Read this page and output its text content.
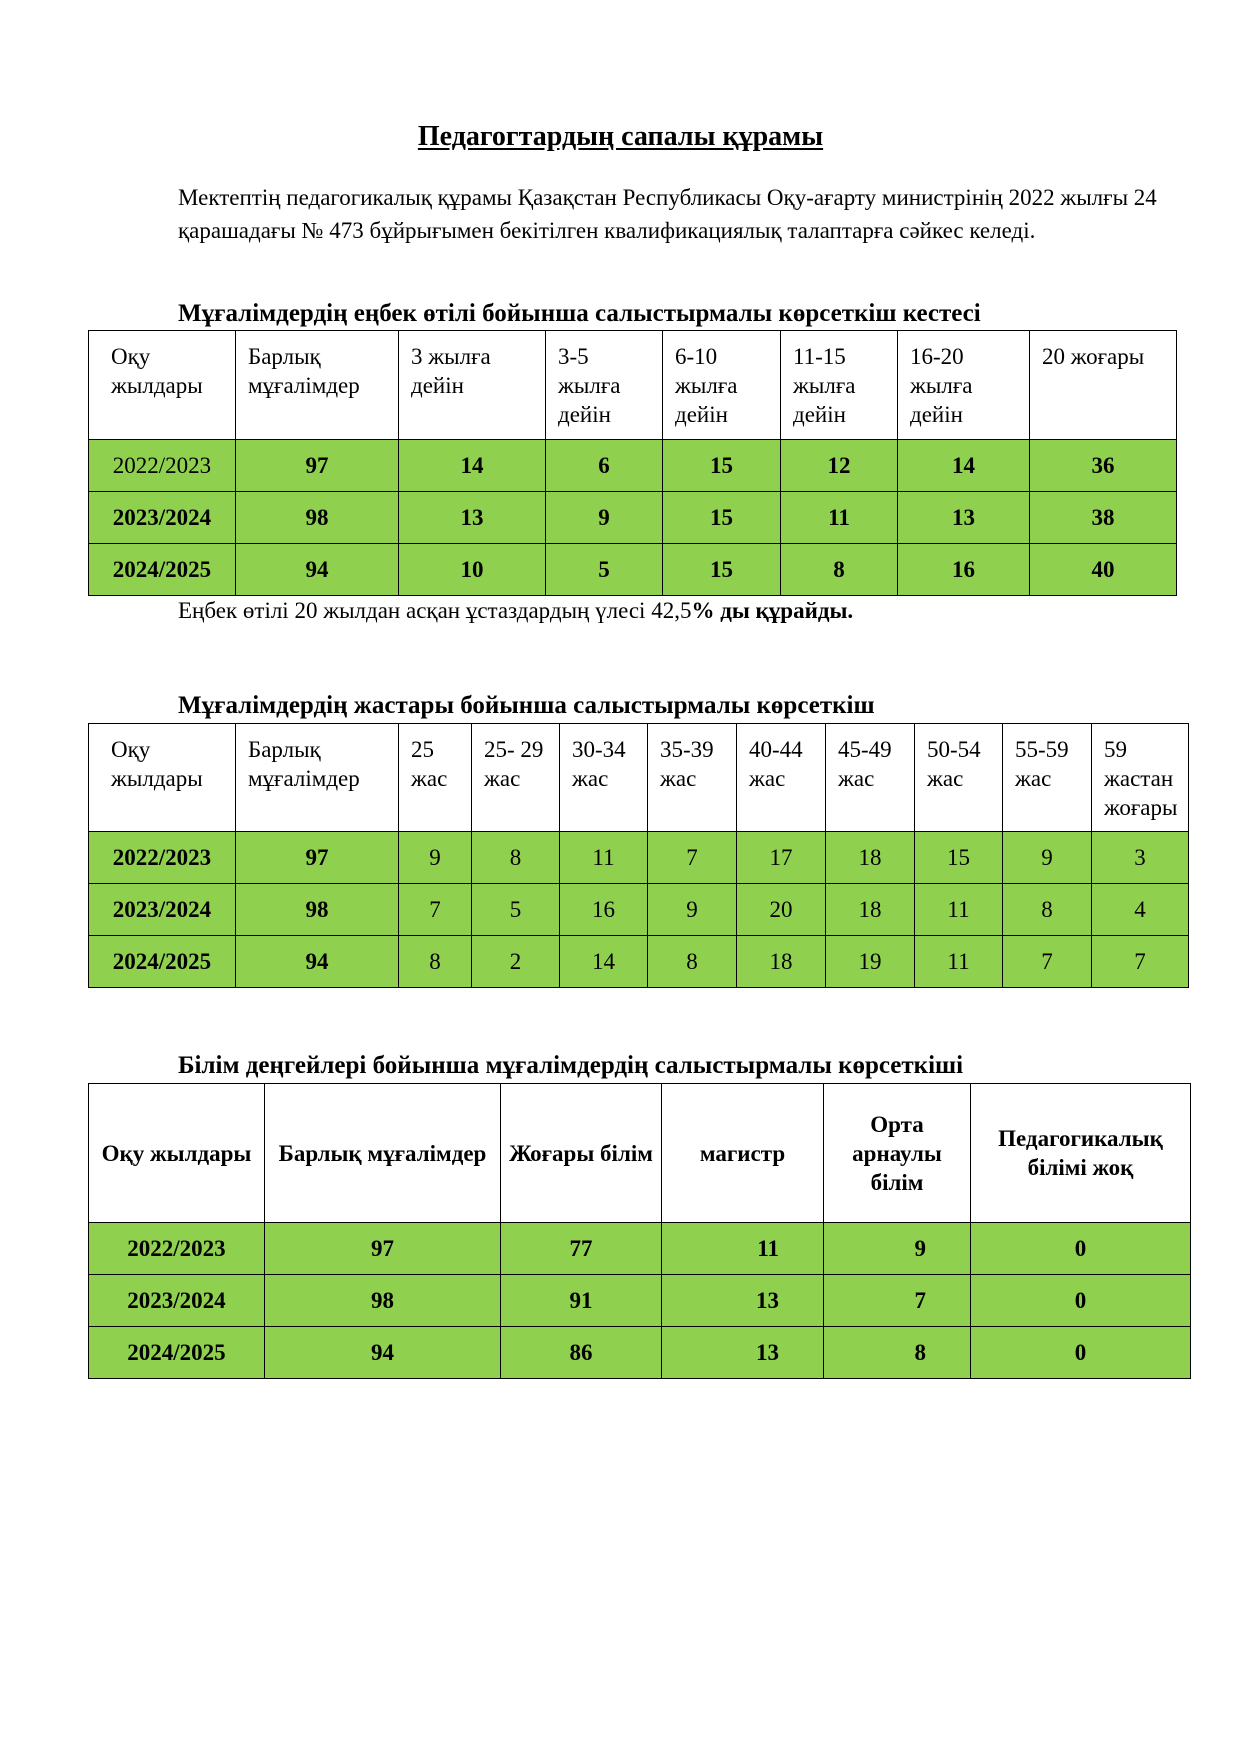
Педагогтардың сапалы құрамы

Мектептің педагогикалық құрамы Қазақстан Республикасы Оқу-ағарту министрінің 2022 жылғы 24 қарашадағы № 473 бұйрығымен бекітілген квалификациялық талаптарға сәйкес келеді.

Мұғалімдердің еңбек өтілі бойынша салыстырмалы көрсеткіш кестесі
Оқу жылдары	Барлық мұғалімдер	3 жылға дейін	3-5 жылға дейін	6-10 жылға дейін	11-15 жылға дейін	16-20 жылға дейін	20 жоғары
2022/2023	97	14	6	15	12	14	36
2023/2024	98	13	9	15	11	13	38
2024/2025	94	10	5	15	8	16	40

Еңбек өтілі 20 жылдан асқан ұстаздардың үлесі 42,5% ды құрайды.

Мұғалімдердің жастары бойынша салыстырмалы көрсеткіш
Оқу жылдары	Барлық мұғалімдер	25 жас	25- 29 жас	30-34 жас	35-39 жас	40-44 жас	45-49 жас	50-54 жас	55-59 жас	59 жастан жоғары
2022/2023	97	9	8	11	7	17	18	15	9	3
2023/2024	98	7	5	16	9	20	18	11	8	4
2024/2025	94	8	2	14	8	18	19	11	7	7
Білім деңгейлері бойынша мұғалімдердің салыстырмалы көрсеткіші
Оқу жылдары	Барлық мұғалімдер	Жоғары білім	магистр	Орта арнаулы білім	Педагогикалық білімі жоқ
2022/2023	97	77	11	9	0
2023/2024	98	91	13	7	0
2024/2025	94	86	13	8	0
